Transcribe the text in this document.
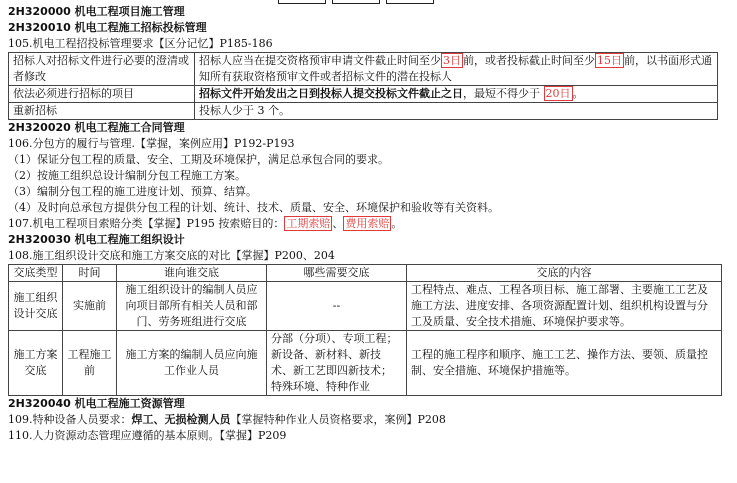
2H320000 机电工程项目施工管理
2H320010 机电工程施工招标投标管理
105.机电工程招投标管理要求【区分记忆】P185-186
招标人对招标文件进行必要的澄清或者修改	招标人应当在提交资格预审申请文件截止时间至少 3日 前，或者投标截止时间至少 15日 前，以书面形式通知所有获取资格预审文件或者招标文件的潜在投标人
依法必须进行招标的项目	招标文件开始发出之日到投标人提交投标文件截止之日，最短不得少于 20日 。
重新招标	投标人少于 3 个。
2H320020 机电工程施工合同管理
106.分包方的履行与管理.【掌握，案例应用】P192-P193
（1）保证分包工程的质量、安全、工期及环境保护，满足总承包合同的要求。
（2）按施工组织总设计编制分包工程施工方案。
（3）编制分包工程的施工进度计划、预算、结算。
（4）及时向总承包方提供分包工程的计划、统计、技术、质量、安全、环境保护和验收等有关资料。
107.机电工程项目索赔分类【掌握】P195 按索赔目的： 工期索赔 、 费用索赔 。
2H320030 机电工程施工组织设计
108.施工组织设计交底和施工方案交底的对比【掌握】P200、204
交底类型	时间	谁向谁交底	哪些需要交底	交底的内容
施工组织设计交底	实施前	施工组织设计的编制人员应向项目部所有相关人员和部门、劳务班组进行交底	--	工程特点、难点、工程各项目标、施工部署、主要施工工艺及施工方法、进度安排、各项资源配置计划、组织机构设置与分工及质量、安全技术措施、环境保护要求等。
施工方案交底	工程施工前	施工方案的编制人员应向施工作业人员	分部（分项）、专项工程；新设备、新材料、新技术、新工艺即四新技术；特殊环境、特种作业	工程的施工程序和顺序、施工工艺、操作方法、要领、质量控制、安全措施、环境保护措施等。
2H320040 机电工程施工资源管理
109.特种设备人员要求：焊工、无损检测人员【掌握特种作业人员资格要求，案例】P208
110.人力资源动态管理应遵循的基本原则。【掌握】P209
